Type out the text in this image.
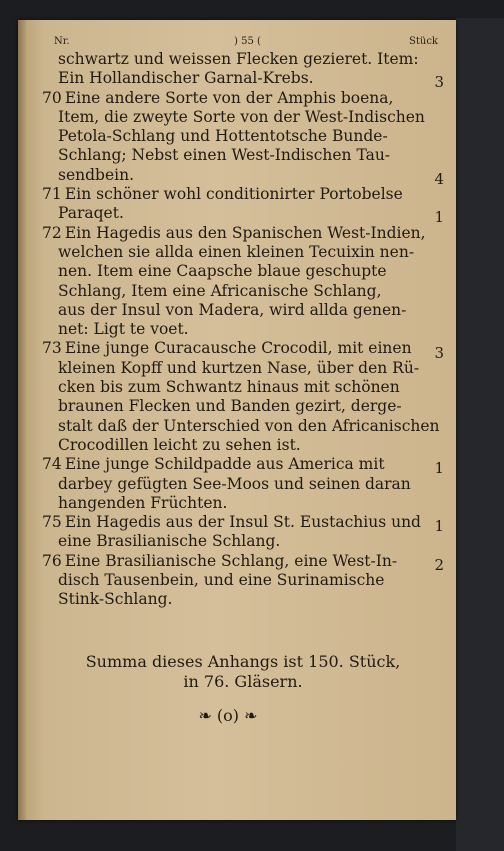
Nr.	) 55 (	Stück
schwartz und weissen Flecken gezieret. Item:
Ein Hollandischer Garnal-Krebs.
70 Eine andere Sorte von der Amphis boena,
Item, die zweyte Sorte von der West-Indischen
Petola-Schlang und Hottentotsche Bunde-
Schlang; Nebst einen West-Indischen Tau-
sendbein.
71 Ein schöner wohl conditionirter Portobelse
Paraqet.
72 Ein Hagedis aus den Spanischen West-Indien,
welchen sie allda einen kleinen Tecuixin nen-
nen. Item eine Caapsche blaue geschupte
Schlang, Item eine Africanische Schlang,
aus der Insul von Madera, wird allda genen-
net: Ligt te voet.
73 Eine junge Curacausche Crocodil, mit einen
kleinen Kopff und kurtzen Nase, über den Rü-
cken bis zum Schwantz hinaus mit schönen
braunen Flecken und Banden gezirt, derge-
stalt daß der Unterschied von den Africanischen
Crocodillen leicht zu sehen ist.
74 Eine junge Schildpadde aus America mit
darbey gefügten See-Moos und seinen daran
hangenden Früchten.
75 Ein Hagedis aus der Insul St. Eustachius und
eine Brasilianische Schlang.
76 Eine Brasilianische Schlang, eine West-In-
disch Tausenbein, und eine Surinamische
Stink-Schlang.
3
4
1
3
1
1
2
Summa dieses Anhangs ist 150. Stück,
in 76. Gläsern.
❧ (o) ❧
